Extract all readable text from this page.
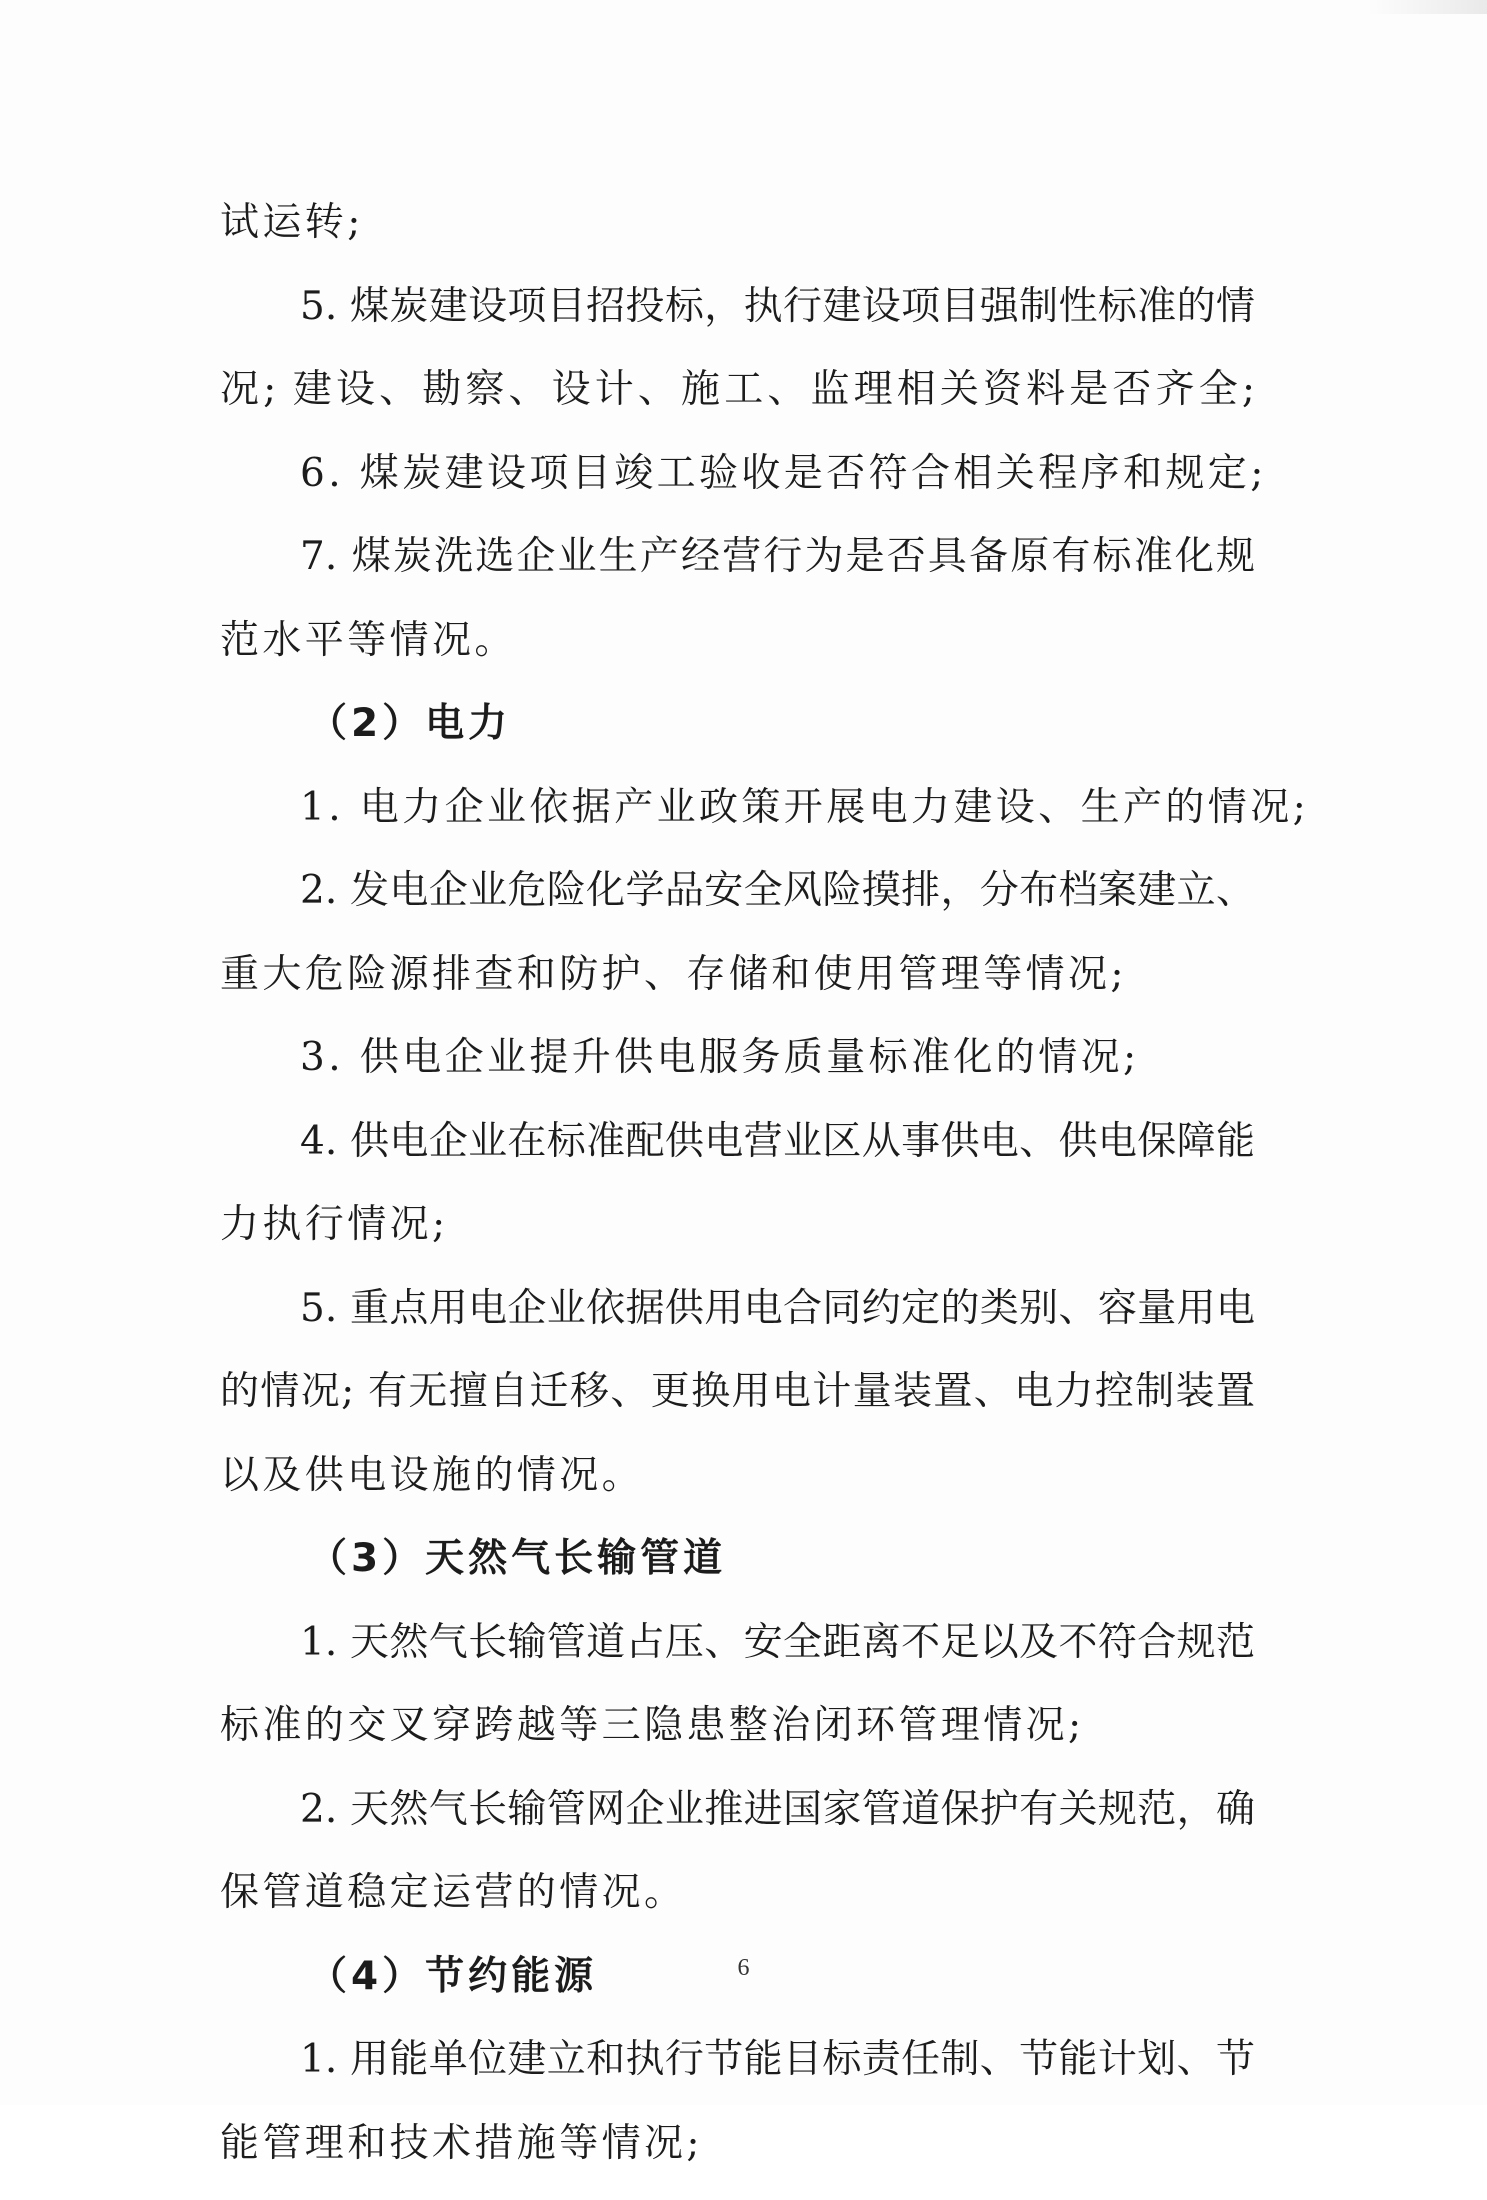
试运转;
5. 煤炭建设项目招投标，执行建设项目强制性标准的情
况; 建设、勘察、设计、施工、监理相关资料是否齐全;
6. 煤炭建设项目竣工验收是否符合相关程序和规定;
7. 煤炭洗选企业生产经营行为是否具备原有标准化规
范水平等情况。
（2）电力
1. 电力企业依据产业政策开展电力建设、生产的情况;
2. 发电企业危险化学品安全风险摸排，分布档案建立、
重大危险源排查和防护、存储和使用管理等情况;
3. 供电企业提升供电服务质量标准化的情况;
4. 供电企业在标准配供电营业区从事供电、供电保障能
力执行情况;
5. 重点用电企业依据供用电合同约定的类别、容量用电
的情况; 有无擅自迁移、更换用电计量装置、电力控制装置
以及供电设施的情况。
（3）天然气长输管道
1. 天然气长输管道占压、安全距离不足以及不符合规范
标准的交叉穿跨越等三隐患整治闭环管理情况;
2. 天然气长输管网企业推进国家管道保护有关规范，确
保管道稳定运营的情况。
（4）节约能源
1. 用能单位建立和执行节能目标责任制、节能计划、节
能管理和技术措施等情况;
6
